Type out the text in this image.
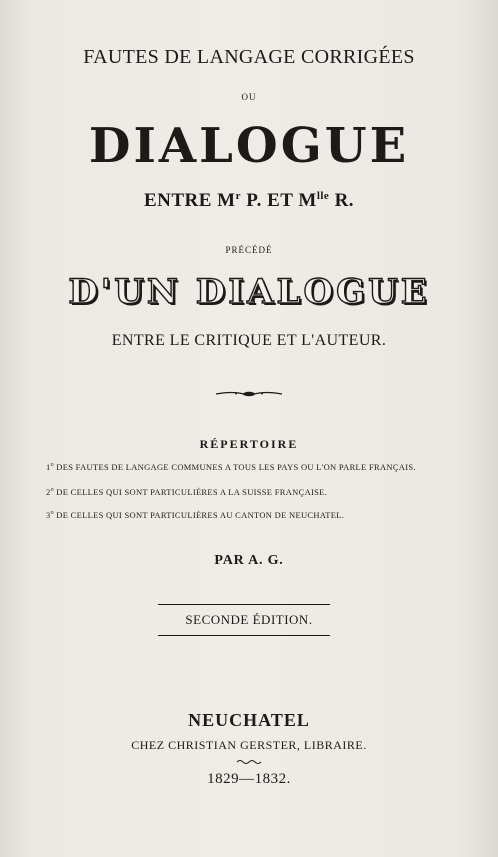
FAUTES DE LANGAGE CORRIGÉES
OU
DIALOGUE
ENTRE $M^r$ P. ET $M^{lle}$ R.
PRÉCÉDÉ
D'UN DIALOGUE
ENTRE LE CRITIQUE ET L'AUTEUR.
RÉPERTOIRE
1$^o$ DES FAUTES DE LANGAGE COMMUNES A TOUS LES PAYS OU L'ON PARLE FRANÇAIS.
2$^o$ DE CELLES QUI SONT PARTICULIÈRES A LA SUISSE FRANÇAISE.
3$^o$ DE CELLES QUI SONT PARTICULIÈRES AU CANTON DE NEUCHATEL.
PAR A. G.
SECONDE ÉDITION.
NEUCHATEL
CHEZ CHRISTIAN GERSTER, LIBRAIRE.
1829—1832.
